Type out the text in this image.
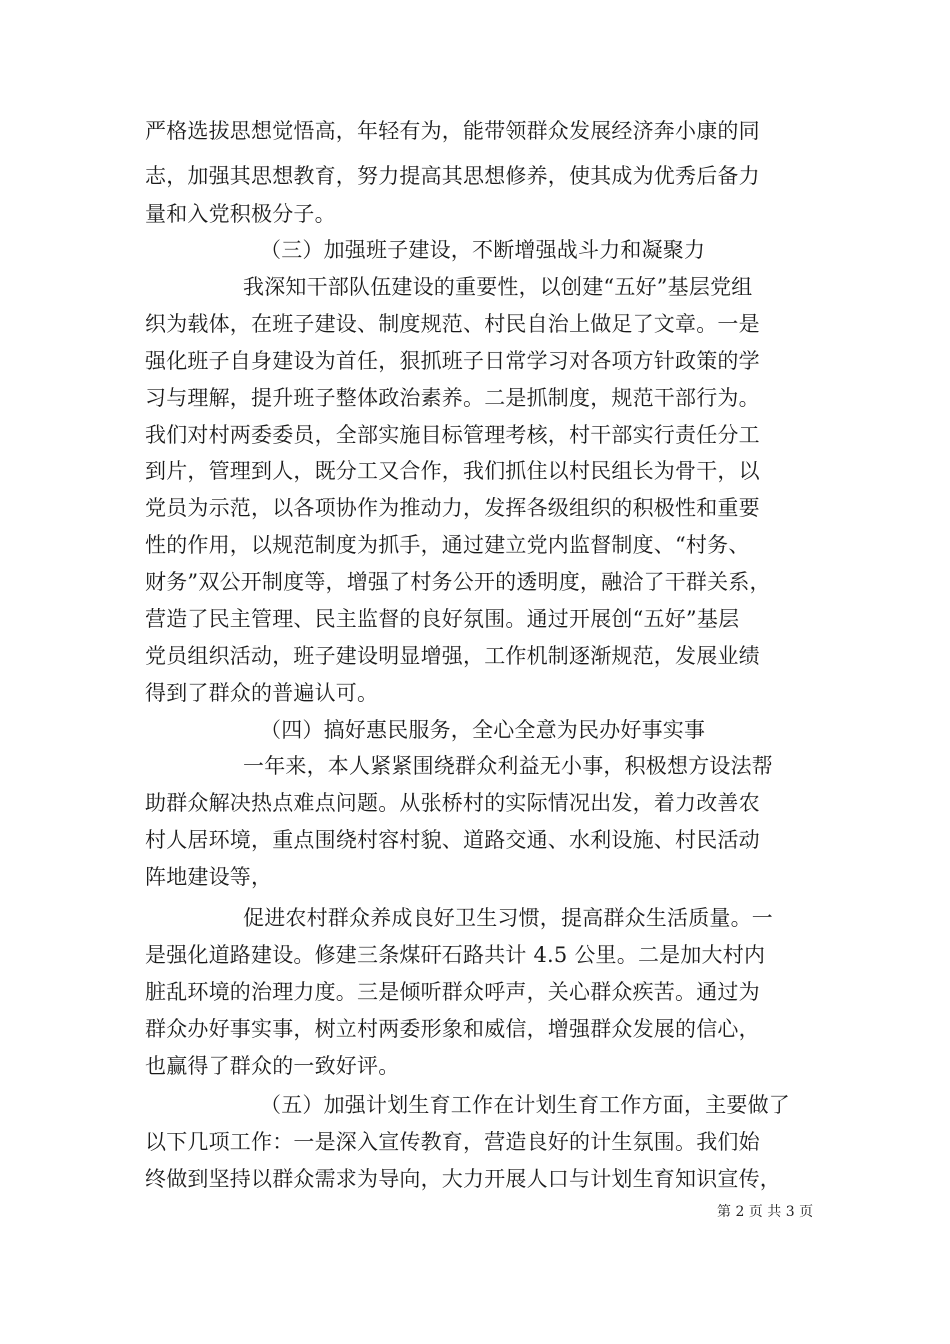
严格选拔思想觉悟高，年轻有为，能带领群众发展经济奔小康的同
志，加强其思想教育，努力提高其思想修养，使其成为优秀后备力
量和入党积极分子。
（三）加强班子建设，不断增强战斗力和凝聚力
我深知干部队伍建设的重要性，以创建“五好”基层党组
织为载体，在班子建设、制度规范、村民自治上做足了文章。一是
强化班子自身建设为首任，狠抓班子日常学习对各项方针政策的学
习与理解，提升班子整体政治素养。二是抓制度，规范干部行为。
我们对村两委委员，全部实施目标管理考核，村干部实行责任分工
到片，管理到人，既分工又合作，我们抓住以村民组长为骨干，以
党员为示范，以各项协作为推动力，发挥各级组织的积极性和重要
性的作用，以规范制度为抓手，通过建立党内监督制度、“村务、
财务”双公开制度等，增强了村务公开的透明度，融洽了干群关系，
营造了民主管理、民主监督的良好氛围。通过开展创“五好”基层
党员组织活动，班子建设明显增强，工作机制逐渐规范，发展业绩
得到了群众的普遍认可。
（四）搞好惠民服务，全心全意为民办好事实事
一年来，本人紧紧围绕群众利益无小事，积极想方设法帮
助群众解决热点难点问题。从张桥村的实际情况出发，着力改善农
村人居环境，重点围绕村容村貌、道路交通、水利设施、村民活动
阵地建设等，
促进农村群众养成良好卫生习惯，提高群众生活质量。一
是强化道路建设。修建三条煤矸石路共计 4.5 公里。二是加大村内
脏乱环境的治理力度。三是倾听群众呼声，关心群众疾苦。通过为
群众办好事实事，树立村两委形象和威信，增强群众发展的信心，
也赢得了群众的一致好评。
（五）加强计划生育工作在计划生育工作方面，主要做了
以下几项工作：一是深入宣传教育，营造良好的计生氛围。我们始
终做到坚持以群众需求为导向，大力开展人口与计划生育知识宣传，
第 2 页 共 3 页
